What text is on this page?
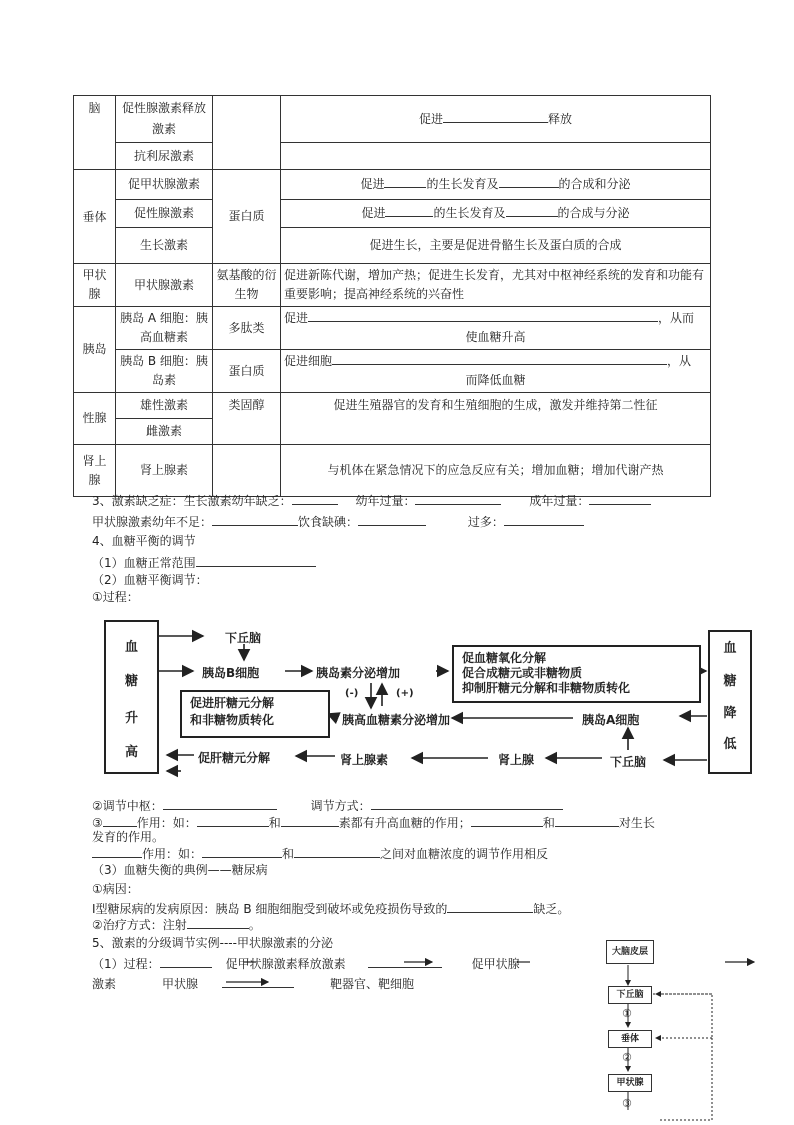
脑	促性腺激素释放激素		促进 释放
	抗利尿激素		
垂体	促甲状腺激素	蛋白质	促进 的生长发育及 的合成和分泌
	促性腺激素		促进 的生长发育及 的合成与分泌
	生长激素		促进生长，主要是促进骨骼生长及蛋白质的合成
甲状腺	甲状腺激素	氨基酸的衍生物	促进新陈代谢，增加产热；促进生长发育，尤其对中枢神经系统的发育和功能有重要影响；提高神经系统的兴奋性
胰岛	胰岛 A 细胞：胰高血糖素	多肽类	促进 ，从而
使血糖升高

	胰岛 B 细胞：胰岛素	蛋白质	促进细胞 ，从
而降低血糖

性腺	雄性激素	类固醇	促进生殖器官的发育和生殖细胞的生成，激发并维持第二性征
	雌激素		
肾上腺	肾上腺素		与机体在紧急情况下的应急反应有关；增加血糖；增加代谢产热
3、激素缺乏症：生长激素幼年缺乏：	幼年过量：	成年过量：
甲状腺激素幼年不足：	饮食缺碘：	过多：
4、血糖平衡的调节
（1）血糖正常范围
（2）血糖平衡调节：
①过程：
血
糖
升
高
血
糖
降
低
下丘脑
胰岛B细胞	胰岛素分泌增加
促血糖氧化分解
促合成糖元或非糖物质
抑制肝糖元分解和非糖物质转化
(-)	(+)
促进肝糖元分解
和非糖物质转化	胰高血糖素分泌增加	胰岛A细胞
促肝糖元分解	肾上腺素	肾上腺	下丘脑
②调节中枢：	调节方式：
③	作用：如：	和	素都有升高血糖的作用；	和	对生长
发育的作用。
作用：如：	和	之间对血糖浓度的调节作用相反
（3）血糖失衡的典例——糖尿病
①病因：
Ⅰ型糖尿病的发病原因：胰岛 B 细胞细胞受到破坏或免疫损伤导致的	缺乏。
②治疗方式：注射	。
5、激素的分级调节实例----甲状腺激素的分泌
（1）过程：	促甲状腺激素释放激素	促甲状腺
激素	甲状腺	靶器官、靶细胞
大脑皮层
下丘脑
①
垂体
②
甲状腺
③
